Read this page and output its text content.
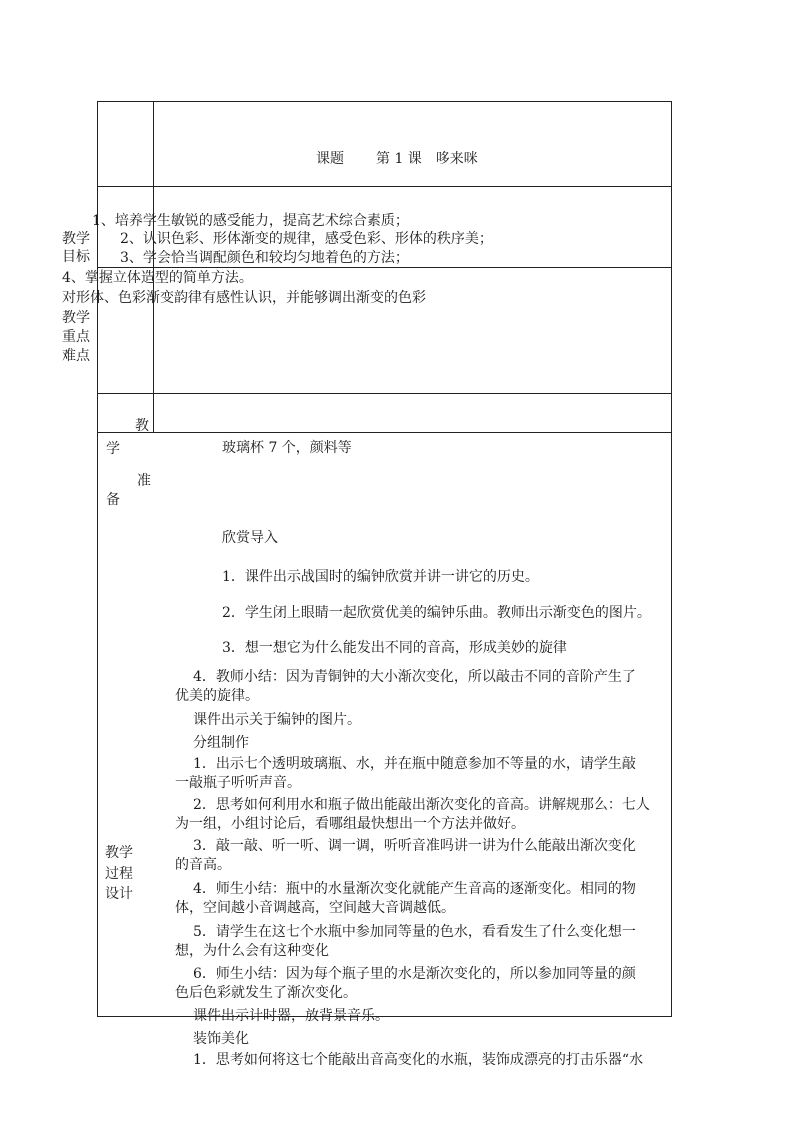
课题 第 1 课　哆来咪
教学
目标
1、培养学生敏锐的感受能力，提高艺术综合素质；
2、认识色彩、形体渐变的规律，感受色彩、形体的秩序美；
3、学会恰当调配颜色和较均匀地着色的方法；
4、掌握立体造型的简单方法。
对形体、色彩渐变韵律有感性认识，并能够调出渐变的色彩
教学
重点
难点
教
学
准
备
玻璃杯 7 个，颜料等
教学
过程
设计
欣赏导入
1．课件出示战国时的编钟欣赏并讲一讲它的历史。
2．学生闭上眼睛一起欣赏优美的编钟乐曲。教师出示渐变色的图片。
3．想一想它为什么能发出不同的音高，形成美妙的旋律
4．教师小结：因为青铜钟的大小渐次变化，所以敲击不同的音阶产生了
优美的旋律。
课件出示关于编钟的图片。
分组制作
1．出示七个透明玻璃瓶、水，并在瓶中随意参加不等量的水，请学生敲
一敲瓶子听听声音。
2．思考如何利用水和瓶子做出能敲出渐次变化的音高。讲解规那么：七人
为一组，小组讨论后，看哪组最快想出一个方法并做好。
3．敲一敲、听一听、调一调，听听音准吗讲一讲为什么能敲出渐次变化
的音高。
4．师生小结：瓶中的水量渐次变化就能产生音高的逐渐变化。相同的物
体，空间越小音调越高，空间越大音调越低。
5．请学生在这七个水瓶中参加同等量的色水，看看发生了什么变化想一
想，为什么会有这种变化
6．师生小结：因为每个瓶子里的水是渐次变化的，所以参加同等量的颜
色后色彩就发生了渐次变化。
课件出示计时器，放背景音乐。
装饰美化
1．思考如何将这七个能敲出音高变化的水瓶，装饰成漂亮的打击乐器“水
